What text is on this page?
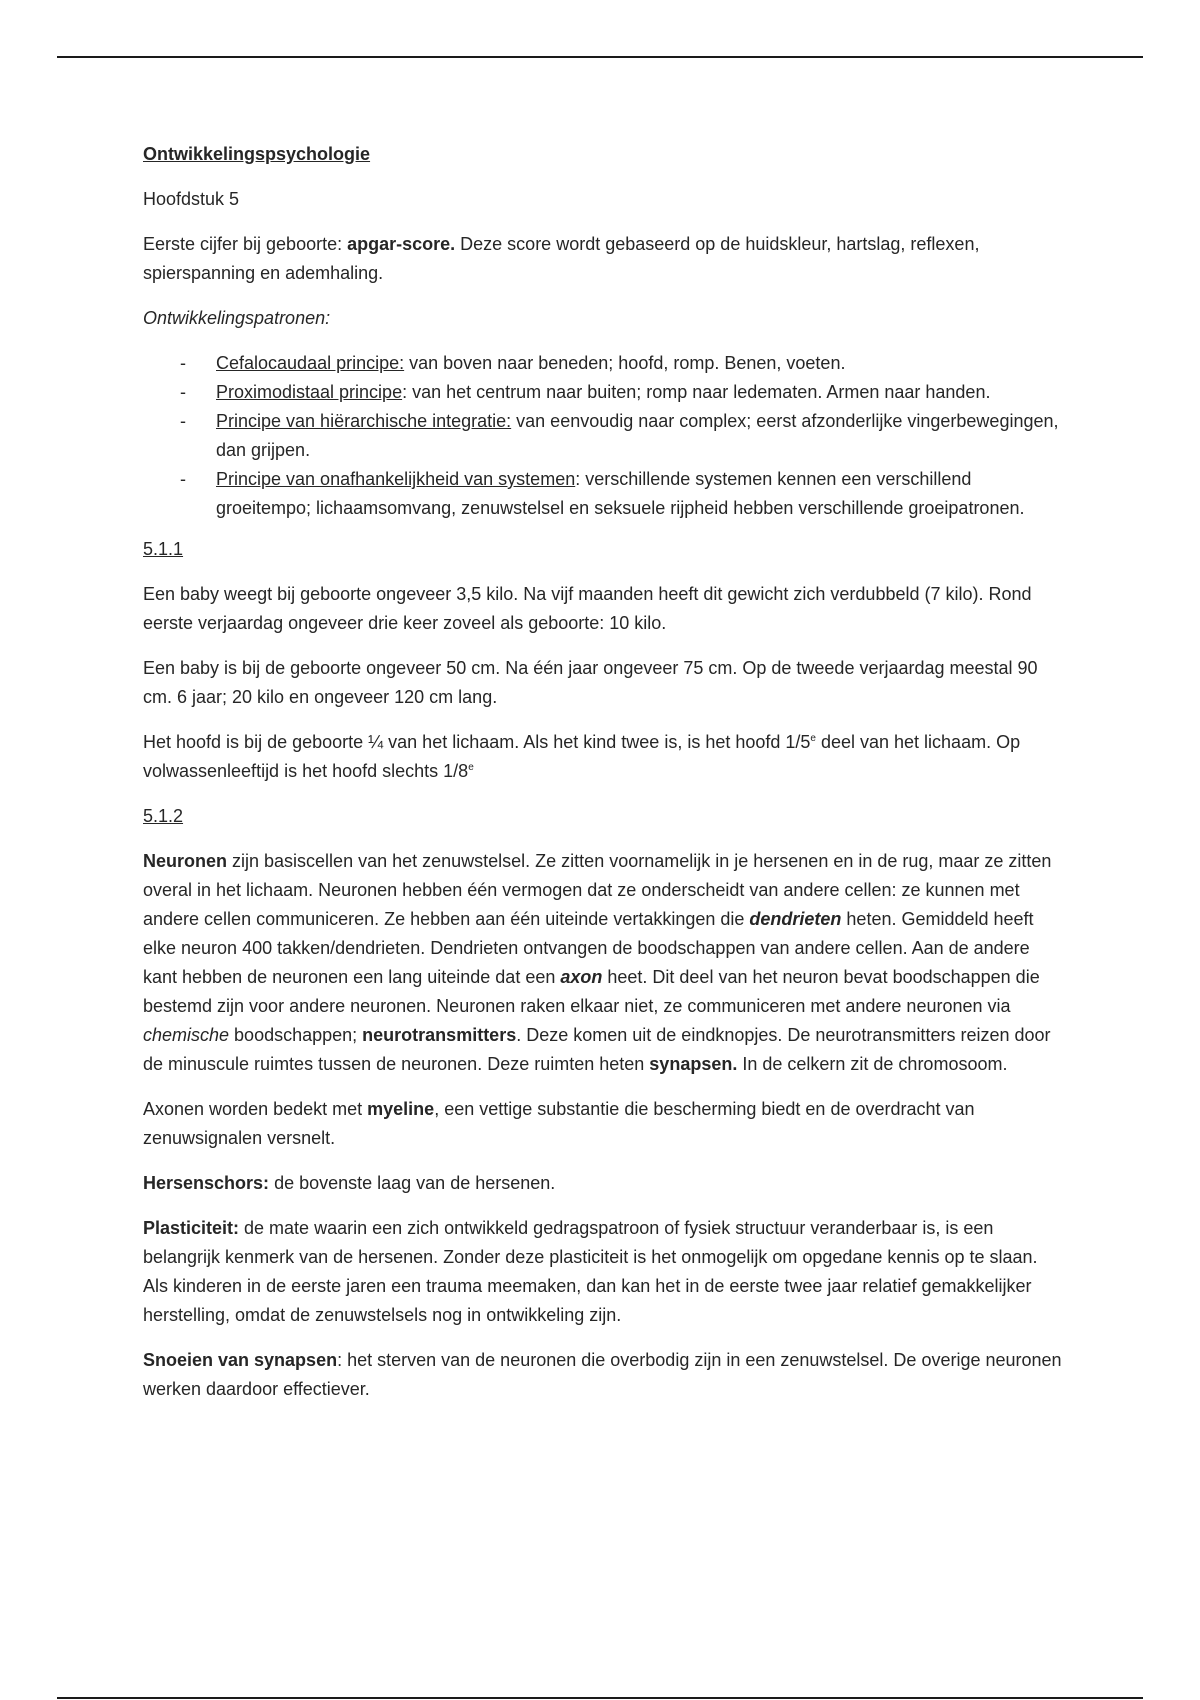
Ontwikkelingspsychologie

Hoofdstuk 5

Eerste cijfer bij geboorte: apgar-score. Deze score wordt gebaseerd op de huidskleur, hartslag, reflexen, spierspanning en ademhaling.

Ontwikkelingspatronen:

- Cefalocaudaal principe: van boven naar beneden; hoofd, romp. Benen, voeten.
- Proximodistaal principe: van het centrum naar buiten; romp naar ledematen. Armen naar handen.
- Principe van hiërarchische integratie: van eenvoudig naar complex; eerst afzonderlijke vingerbewegingen, dan grijpen.
- Principe van onafhankelijkheid van systemen: verschillende systemen kennen een verschillend groeitempo; lichaamsomvang, zenuwstelsel en seksuele rijpheid hebben verschillende groeipatronen.

5.1.1

Een baby weegt bij geboorte ongeveer 3,5 kilo. Na vijf maanden heeft dit gewicht zich verdubbeld (7 kilo). Rond eerste verjaardag ongeveer drie keer zoveel als geboorte: 10 kilo.

Een baby is bij de geboorte ongeveer 50 cm. Na één jaar ongeveer 75 cm. Op de tweede verjaardag meestal 90 cm. 6 jaar; 20 kilo en ongeveer 120 cm lang.

Het hoofd is bij de geboorte ¼ van het lichaam. Als het kind twee is, is het hoofd 1/5e deel van het lichaam. Op volwassenleeftijd is het hoofd slechts 1/8e

5.1.2

Neuronen zijn basiscellen van het zenuwstelsel. Ze zitten voornamelijk in je hersenen en in de rug, maar ze zitten overal in het lichaam. Neuronen hebben één vermogen dat ze onderscheidt van andere cellen: ze kunnen met andere cellen communiceren. Ze hebben aan één uiteinde vertakkingen die dendrieten heten. Gemiddeld heeft elke neuron 400 takken/dendrieten. Dendrieten ontvangen de boodschappen van andere cellen. Aan de andere kant hebben de neuronen een lang uiteinde dat een axon heet. Dit deel van het neuron bevat boodschappen die bestemd zijn voor andere neuronen. Neuronen raken elkaar niet, ze communiceren met andere neuronen via chemische boodschappen; neurotransmitters. Deze komen uit de eindknopjes. De neurotransmitters reizen door de minuscule ruimtes tussen de neuronen. Deze ruimten heten synapsen. In de celkern zit de chromosoom.

Axonen worden bedekt met myeline, een vettige substantie die bescherming biedt en de overdracht van zenuwsignalen versnelt.

Hersenschors: de bovenste laag van de hersenen.

Plasticiteit: de mate waarin een zich ontwikkeld gedragspatroon of fysiek structuur veranderbaar is, is een belangrijk kenmerk van de hersenen. Zonder deze plasticiteit is het onmogelijk om opgedane kennis op te slaan. Als kinderen in de eerste jaren een trauma meemaken, dan kan het in de eerste twee jaar relatief gemakkelijker herstelling, omdat de zenuwstelsels nog in ontwikkeling zijn.

Snoeien van synapsen: het sterven van de neuronen die overbodig zijn in een zenuwstelsel. De overige neuronen werken daardoor effectiever.
